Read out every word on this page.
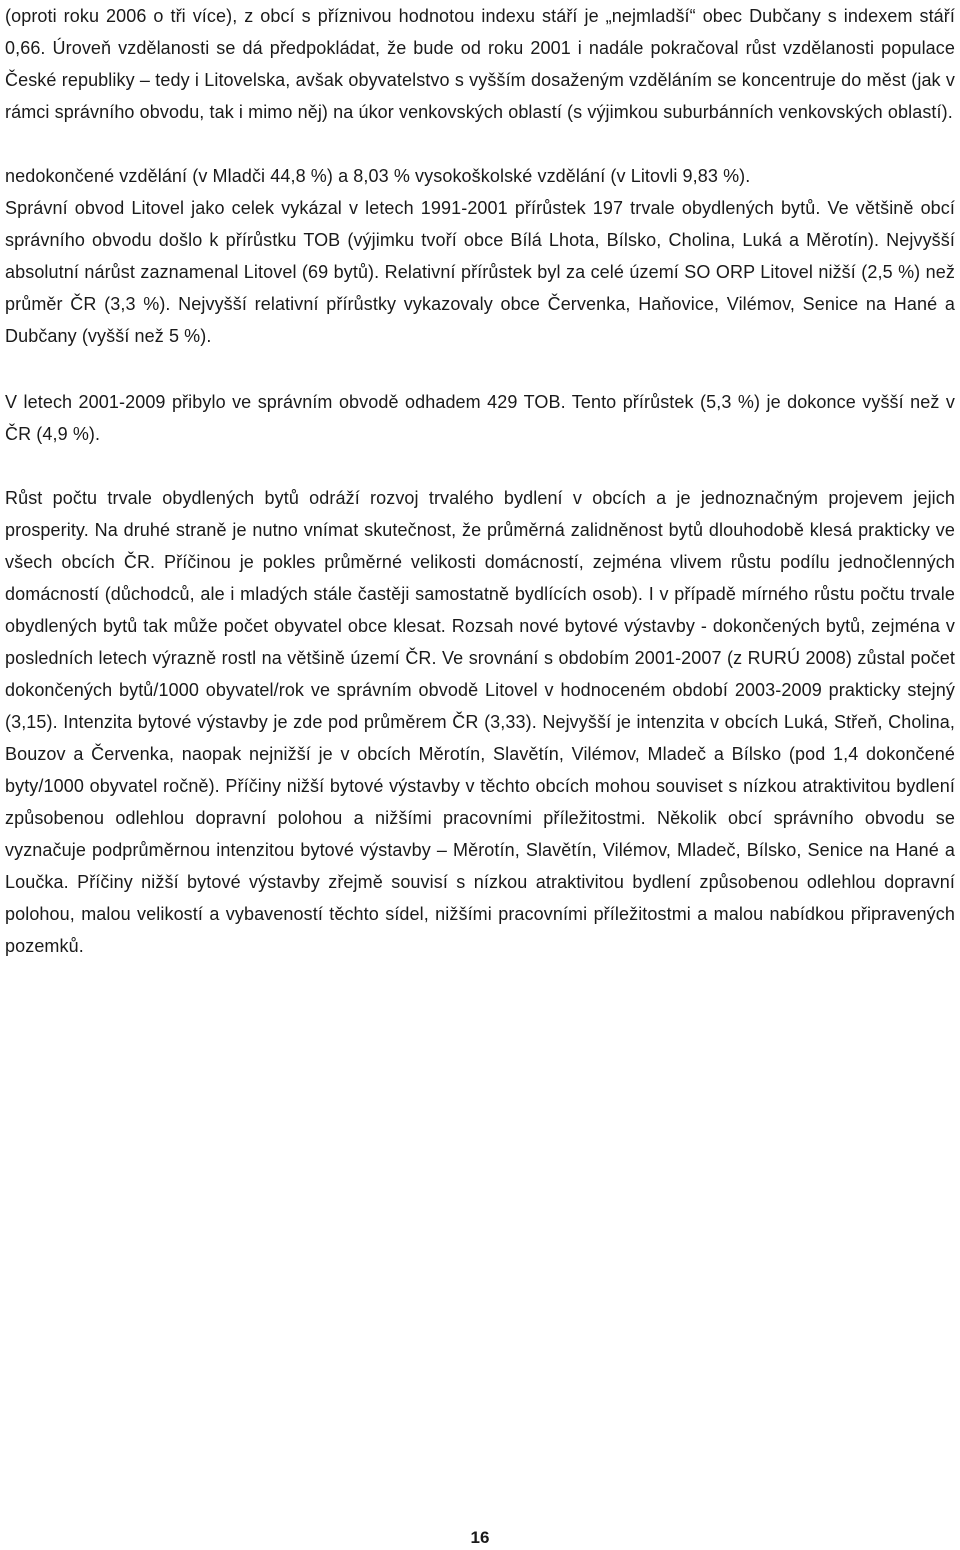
(oproti roku 2006 o tři více), z obcí s příznivou hodnotou indexu stáří je „nejmladší“ obec Dubčany s indexem stáří 0,66. Úroveň vzdělanosti se dá předpokládat, že bude od roku 2001 i nadále pokračoval růst vzdělanosti populace České republiky – tedy i Litovelska, avšak obyvatelstvo s vyšším dosaženým vzděláním se koncentruje do měst (jak v rámci správního obvodu, tak i mimo něj) na úkor venkovských oblastí (s výjimkou suburbánních venkovských oblastí).

nedokončené vzdělání (v Mladči 44,8 %) a 8,03 % vysokoškolské vzdělání (v Litovli 9,83 %).

Správní obvod Litovel jako celek vykázal v letech 1991-2001 přírůstek 197 trvale obydlených bytů. Ve většině obcí správního obvodu došlo k přírůstku TOB (výjimku tvoří obce Bílá Lhota, Bílsko, Cholina, Luká a Měrotín). Nejvyšší absolutní nárůst zaznamenal Litovel (69 bytů). Relativní přírůstek byl za celé území SO ORP Litovel nižší (2,5 %) než průměr ČR (3,3 %). Nejvyšší relativní přírůstky vykazovaly obce Červenka, Haňovice, Vilémov, Senice na Hané a Dubčany (vyšší než 5 %).

V letech 2001-2009 přibylo ve správním obvodě odhadem 429 TOB. Tento přírůstek (5,3 %) je dokonce vyšší než v ČR (4,9 %).

Růst počtu trvale obydlených bytů odráží rozvoj trvalého bydlení v obcích a je jednoznačným projevem jejich prosperity. Na druhé straně je nutno vnímat skutečnost, že průměrná zalidněnost bytů dlouhodobě klesá prakticky ve všech obcích ČR. Příčinou je pokles průměrné velikosti domácností, zejména vlivem růstu podílu jednočlenných domácností (důchodců, ale i mladých stále častěji samostatně bydlících osob). I v případě mírného růstu počtu trvale obydlených bytů tak může počet obyvatel obce klesat. Rozsah nové bytové výstavby - dokončených bytů, zejména v posledních letech výrazně rostl na většině území ČR. Ve srovnání s obdobím 2001-2007 (z RURÚ 2008) zůstal počet dokončených bytů/1000 obyvatel/rok ve správním obvodě Litovel v hodnoceném období 2003-2009 prakticky stejný (3,15). Intenzita bytové výstavby je zde pod průměrem ČR (3,33). Nejvyšší je intenzita v obcích Luká, Střeň, Cholina, Bouzov a Červenka, naopak nejnižší je v obcích Měrotín, Slavětín, Vilémov, Mladeč a Bílsko (pod 1,4 dokončené byty/1000 obyvatel ročně). Příčiny nižší bytové výstavby v těchto obcích mohou souviset s nízkou atraktivitou bydlení způsobenou odlehlou dopravní polohou a nižšími pracovními příležitostmi. Několik obcí správního obvodu se vyznačuje podprůměrnou intenzitou bytové výstavby – Měrotín, Slavětín, Vilémov, Mladeč, Bílsko, Senice na Hané a Loučka. Příčiny nižší bytové výstavby zřejmě souvisí s nízkou atraktivitou bydlení způsobenou odlehlou dopravní polohou, malou velikostí a vybaveností těchto sídel, nižšími pracovními příležitostmi a malou nabídkou připravených pozemků.

16
